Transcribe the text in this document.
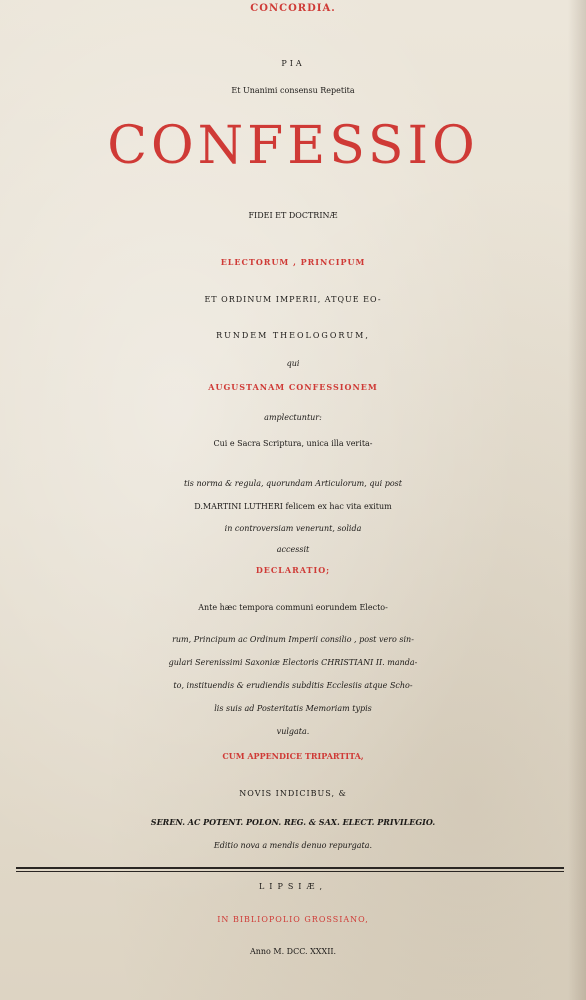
CONCORDIA.
PIA
Et Unanimi consensu Repetita
CONFESSIO
FIDEI ET DOCTRINÆ
ELECTORUM , PRINCIPUM
ET ORDINUM IMPERII, ATQUE EO-
RUNDEM THEOLOGORUM,
qui
AUGUSTANAM CONFESSIONEM
amplectuntur:
Cui e Sacra Scriptura, unica illa verita-
tis norma & regula, quorundam Articulorum, qui post
D.MARTINI LUTHERI felicem ex hac vita exitum
in controversiam venerunt, solida
accessit
DECLARATIO;
Ante hæc tempora communi eorundem Electo-
rum, Principum ac Ordinum Imperii consilio , post vero sin-
gulari Serenissimi Saxoniæ Electoris CHRISTIANI II. manda-
to, instituendis & erudiendis subditis Ecclesiis atque Scho-
lis suis ad Posteritatis Memoriam typis
vulgata.
CUM APPENDICE TRIPARTITA,
NOVIS INDICIBUS, &
SEREN. AC POTENT. POLON. REG. & SAX. ELECT. PRIVILEGIO.
Editio nova a mendis denuo repurgata.
LIPSIÆ,
IN BIBLIOPOLIO GROSSIANO,
Anno M. DCC. XXXII.
